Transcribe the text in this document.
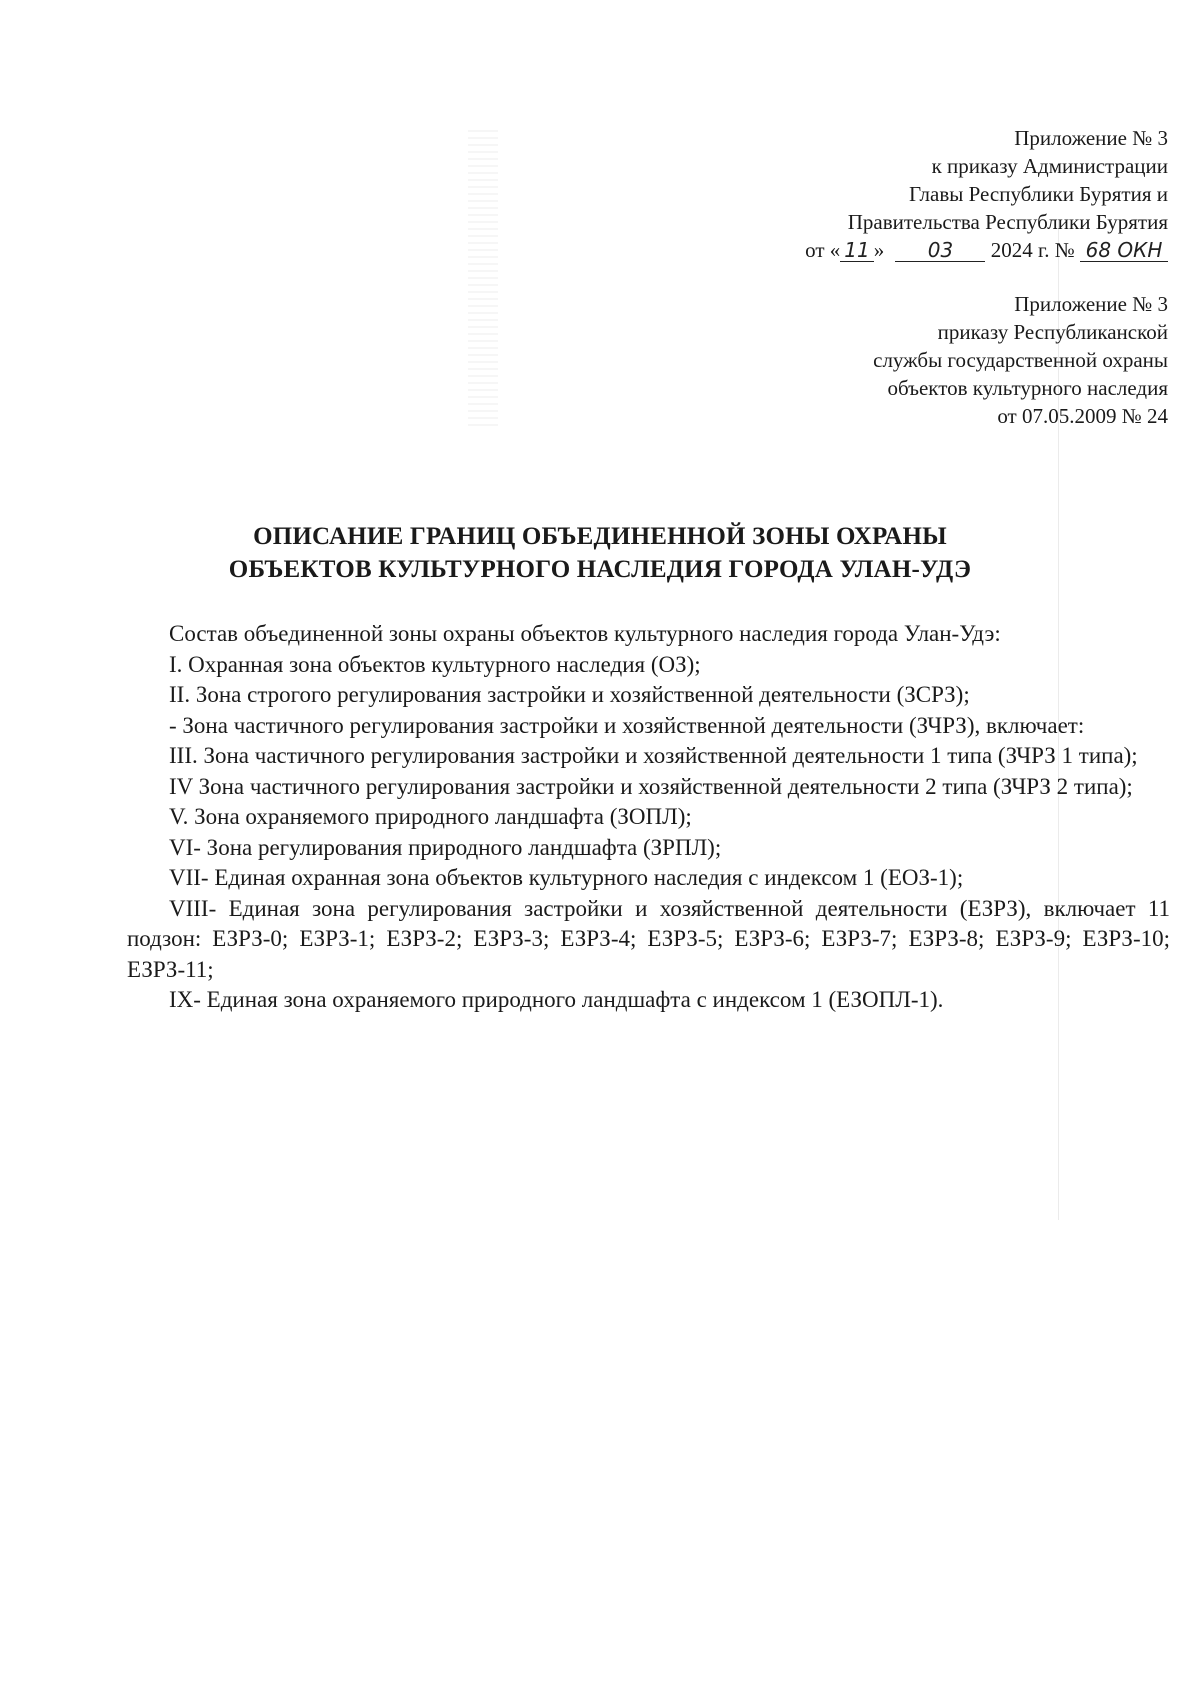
Приложение № 3
к приказу Администрации
Главы Республики Бурятия и
Правительства Республики Бурятия
от « 11 » 03 2024 г. № 68 ОКН
Приложение № 3
приказу Республиканской
службы государственной охраны
объектов культурного наследия
от 07.05.2009 № 24
ОПИСАНИЕ ГРАНИЦ ОБЪЕДИНЕННОЙ ЗОНЫ ОХРАНЫ
ОБЪЕКТОВ КУЛЬТУРНОГО НАСЛЕДИЯ ГОРОДА УЛАН-УДЭ

Состав объединенной зоны охраны объектов культурного наследия города Улан-Удэ:

I. Охранная зона объектов культурного наследия (ОЗ);

II. Зона строгого регулирования застройки и хозяйственной деятельности (ЗСРЗ);

- Зона частичного регулирования застройки и хозяйственной деятельности (ЗЧРЗ), включает:

III. Зона частичного регулирования застройки и хозяйственной деятельности 1 типа (ЗЧРЗ 1 типа);

IV Зона частичного регулирования застройки и хозяйственной деятельности 2 типа (ЗЧРЗ 2 типа);

V. Зона охраняемого природного ландшафта (ЗОПЛ);

VI- Зона регулирования природного ландшафта (ЗРПЛ);

VII- Единая охранная зона объектов культурного наследия с индексом 1 (ЕОЗ-1);

VIII- Единая зона регулирования застройки и хозяйственной деятельности (ЕЗРЗ), включает 11 подзон: ЕЗРЗ-0; ЕЗРЗ-1; ЕЗРЗ-2; ЕЗРЗ-3; ЕЗРЗ-4; ЕЗРЗ-5; ЕЗРЗ-6; ЕЗРЗ-7; ЕЗРЗ-8; ЕЗРЗ-9; ЕЗРЗ-10; ЕЗРЗ-11;

IX- Единая зона охраняемого природного ландшафта с индексом 1 (ЕЗОПЛ-1).
